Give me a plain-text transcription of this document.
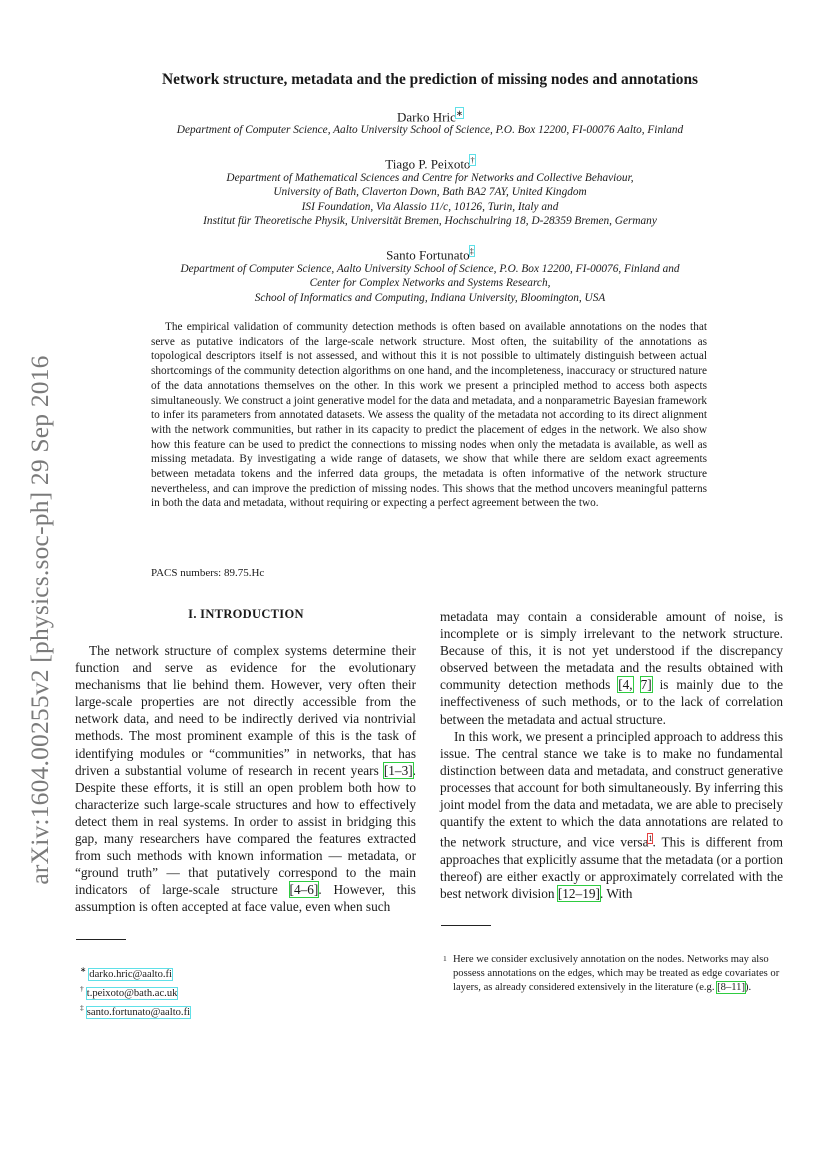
arXiv:1604.00255v2 [physics.soc-ph] 29 Sep 2016
Network structure, metadata and the prediction of missing nodes and annotations
Darko Hric∗
Department of Computer Science, Aalto University School of Science, P.O. Box 12200, FI-00076 Aalto, Finland
Tiago P. Peixoto†
Department of Mathematical Sciences and Centre for Networks and Collective Behaviour,
University of Bath, Claverton Down, Bath BA2 7AY, United Kingdom
ISI Foundation, Via Alassio 11/c, 10126, Turin, Italy and
Institut für Theoretische Physik, Universität Bremen, Hochschulring 18, D-28359 Bremen, Germany
Santo Fortunato‡
Department of Computer Science, Aalto University School of Science, P.O. Box 12200, FI-00076, Finland and
Center for Complex Networks and Systems Research,
School of Informatics and Computing, Indiana University, Bloomington, USA
The empirical validation of community detection methods is often based on available annotations on the nodes that serve as putative indicators of the large-scale network structure. Most often, the suitability of the annotations as topological descriptors itself is not assessed, and without this it is not possible to ultimately distinguish between actual shortcomings of the community detection algorithms on one hand, and the incompleteness, inaccuracy or structured nature of the data annotations themselves on the other. In this work we present a principled method to access both aspects simultaneously. We construct a joint generative model for the data and metadata, and a nonparametric Bayesian framework to infer its parameters from annotated datasets. We assess the quality of the metadata not according to its direct alignment with the network communities, but rather in its capacity to predict the placement of edges in the network. We also show how this feature can be used to predict the connections to missing nodes when only the metadata is available, as well as missing metadata. By investigating a wide range of datasets, we show that while there are seldom exact agreements between metadata tokens and the inferred data groups, the metadata is often informative of the network structure nevertheless, and can improve the prediction of missing nodes. This shows that the method uncovers meaningful patterns in both the data and metadata, without requiring or expecting a perfect agreement between the two.
PACS numbers: 89.75.Hc
I. INTRODUCTION
The network structure of complex systems determine their function and serve as evidence for the evolutionary mechanisms that lie behind them. However, very often their large-scale properties are not directly accessible from the network data, and need to be indirectly derived via nontrivial methods. The most prominent example of this is the task of identifying modules or “communities” in networks, that has driven a substantial volume of research in recent years [1–3]. Despite these efforts, it is still an open problem both how to characterize such large-scale structures and how to effectively detect them in real systems. In order to assist in bridging this gap, many researchers have compared the features extracted from such methods with known information — metadata, or “ground truth” — that putatively correspond to the main indicators of large-scale structure [4–6]. However, this assumption is often accepted at face value, even when such

metadata may contain a considerable amount of noise, is incomplete or is simply irrelevant to the network structure. Because of this, it is not yet understood if the discrepancy observed between the metadata and the results obtained with community detection methods [4, 7] is mainly due to the ineffectiveness of such methods, or to the lack of correlation between the metadata and actual structure.

In this work, we present a principled approach to address this issue. The central stance we take is to make no fundamental distinction between data and metadata, and construct generative processes that account for both simultaneously. By inferring this joint model from the data and metadata, we are able to precisely quantify the extent to which the data annotations are related to the network structure, and vice versa$^1$. This is different from approaches that explicitly assume that the metadata (or a portion thereof) are either exactly or approximately correlated with the best network division [12–19]. With

∗ darko.hric@aalto.fi
† t.peixoto@bath.ac.uk
‡ santo.fortunato@aalto.fi
1 Here we consider exclusively annotation on the nodes. Networks may also possess annotations on the edges, which may be treated as edge covariates or layers, as already considered extensively in the literature (e.g. [8–11]).
